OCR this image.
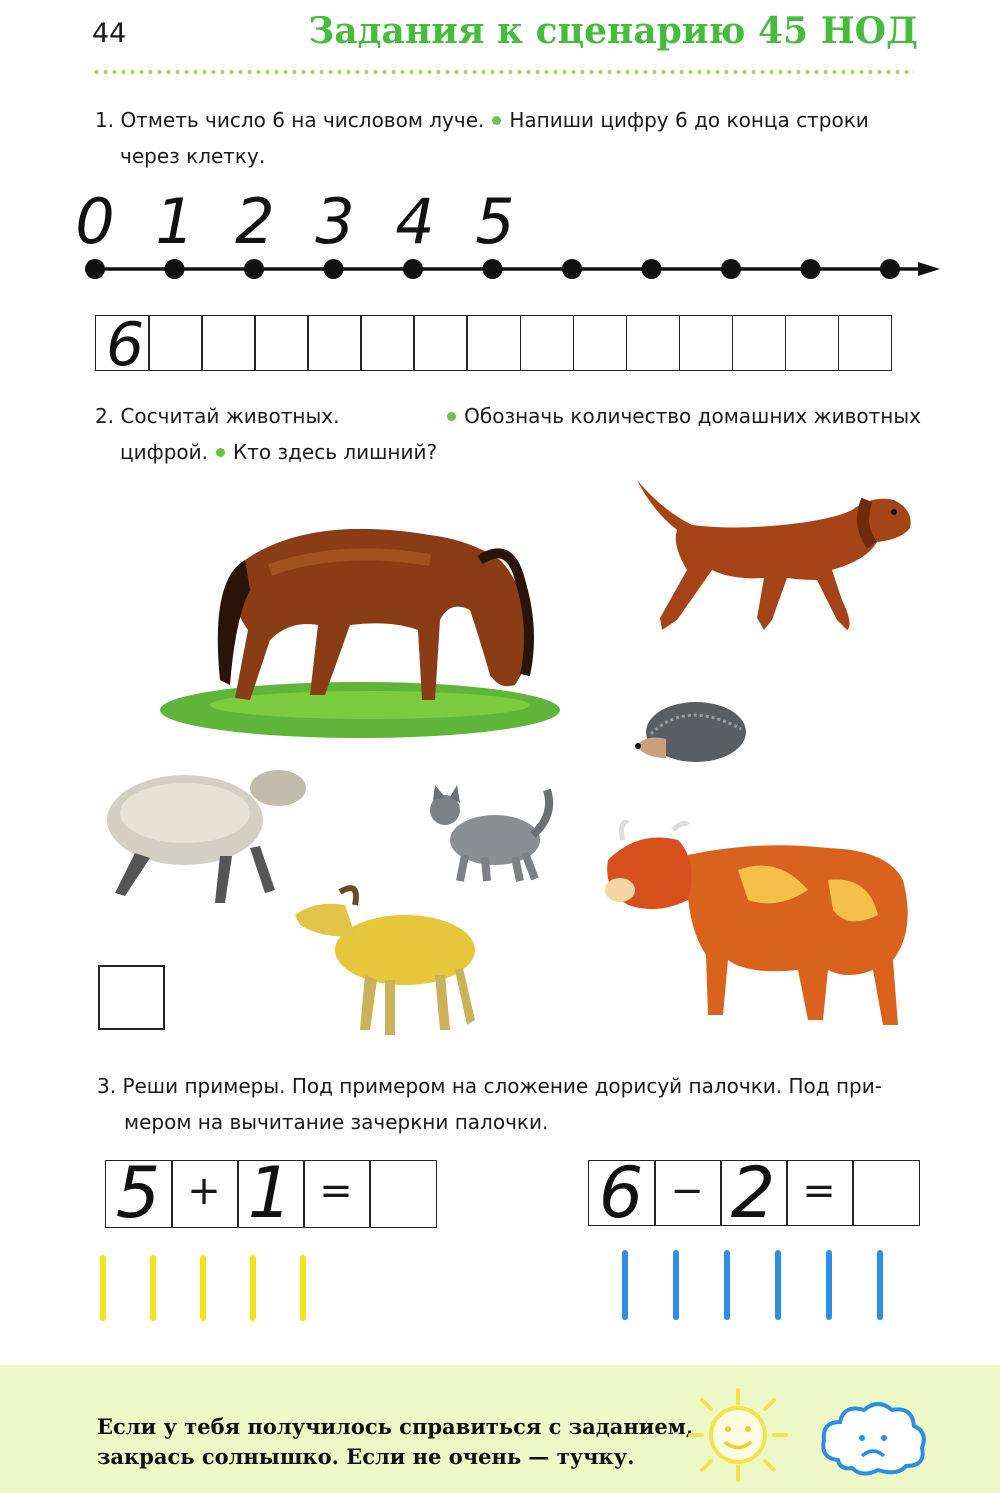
44	Задания к сценарию 45 НОД

1. Отметь число 6 на числовом луче. Напиши цифру 6 до конца строки

через клетку.

0 1 2 3 4 5
6

2. Сосчитай животных.	Обозначь количество домашних животных

цифрой. Кто здесь лишний?

3. Реши примеры. Под примером на сложение дорисуй палочки. Под при-

мером на вычитание зачеркни палочки.

5 + 1 =	6 − 2 =
Если у тебя получилось справиться с заданием,
закрась солнышко. Если не очень — тучку.
